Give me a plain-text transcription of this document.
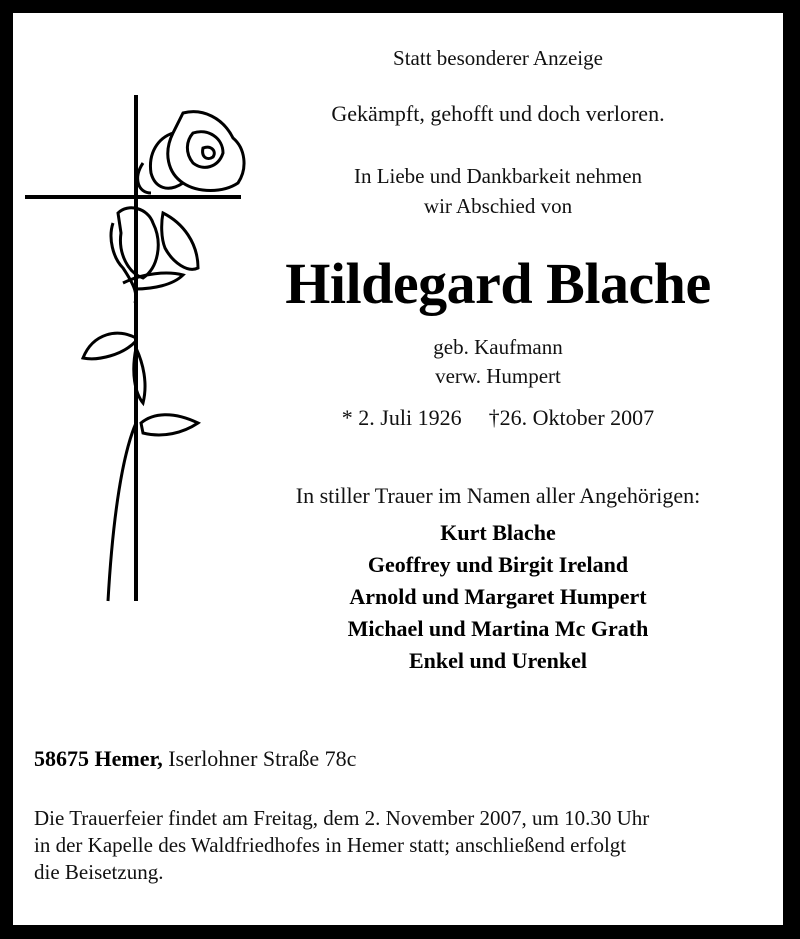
Statt besonderer Anzeige
Gekämpft, gehofft und doch verloren.
In Liebe und Dankbarkeit nehmen
wir Abschied von
Hildegard Blache
geb. Kaufmann
verw. Humpert
* 2. Juli 1926 †26. Oktober 2007
In stiller Trauer im Namen aller Angehörigen:
Kurt Blache
Geoffrey und Birgit Ireland
Arnold und Margaret Humpert
Michael und Martina Mc Grath
Enkel und Urenkel
58675 Hemer, Iserlohner Straße 78c
Die Trauerfeier findet am Freitag, dem 2. November 2007, um 10.30 Uhr
in der Kapelle des Waldfriedhofes in Hemer statt; anschließend erfolgt
die Beisetzung.
